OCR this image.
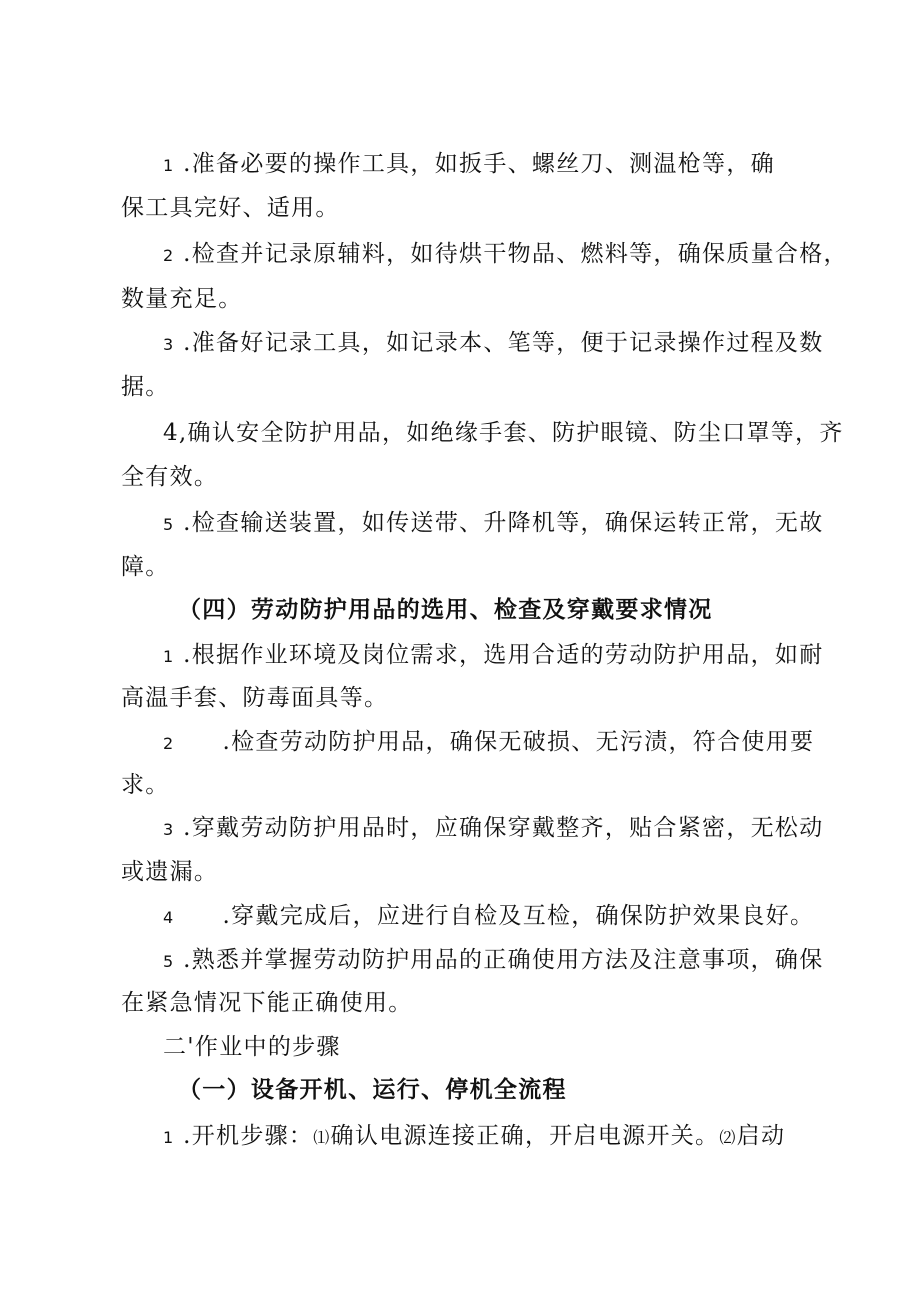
1 .准备必要的操作工具，如扳手、螺丝刀、测温枪等，确
保工具完好、适用。
2 .检查并记录原辅料，如待烘干物品、燃料等，确保质量合格，
数量充足。
3 .准备好记录工具，如记录本、笔等，便于记录操作过程及数
据。
4,确认安全防护用品，如绝缘手套、防护眼镜、防尘口罩等，齐
全有效。
5 .检查输送装置，如传送带、升降机等，确保运转正常，无故
障。
（四）劳动防护用品的选用、检查及穿戴要求情况
1 .根据作业环境及岗位需求，选用合适的劳动防护用品，如耐
高温手套、防毒面具等。
2 .检查劳动防护用品，确保无破损、无污渍，符合使用要
求。
3 .穿戴劳动防护用品时，应确保穿戴整齐，贴合紧密，无松动
或遗漏。
4 .穿戴完成后，应进行自检及互检，确保防护效果良好。
5 .熟悉并掌握劳动防护用品的正确使用方法及注意事项，确保
在紧急情况下能正确使用。
二'作业中的步骤
（一）设备开机、运行、停机全流程
1 .开机步骤：⑴确认电源连接正确，开启电源开关。⑵启动
